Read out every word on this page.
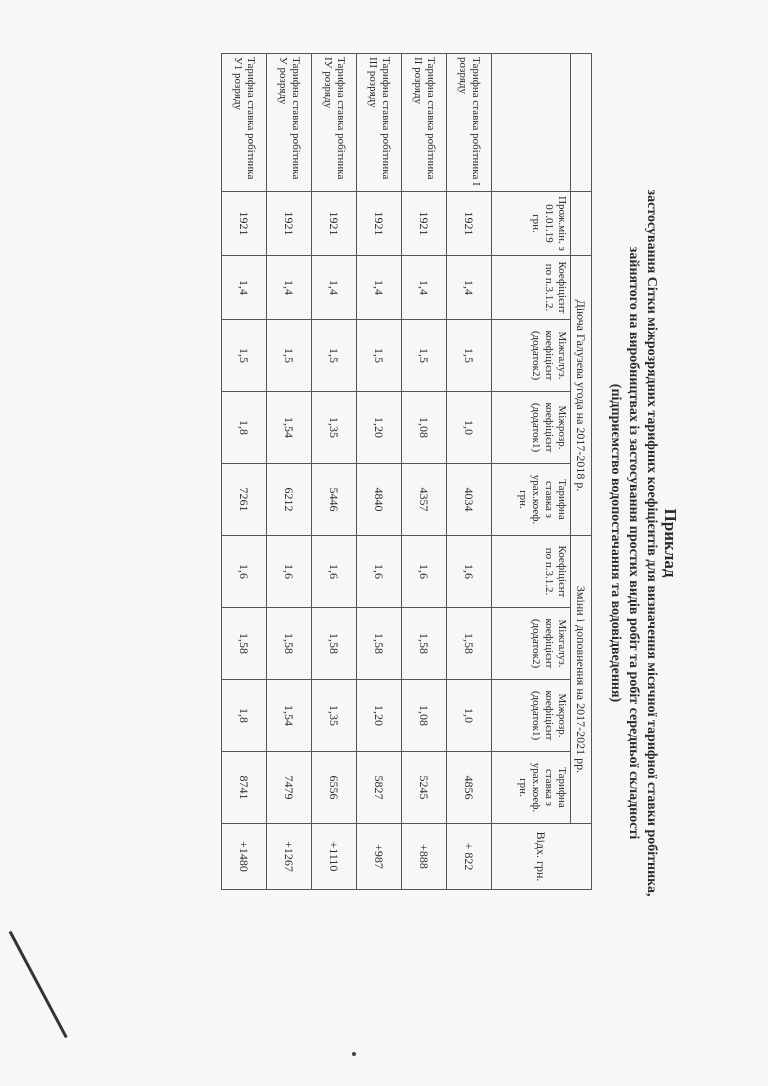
Приклад
застосування Сітки міжрозрядних тарифних коефіцієнтів для визначення місячної тарифної ставки робітника,
зайнятого на виробництвах із застосування простих видів робіт та робіт середньої складності
(підприємство водопостачання та водовідведення)
		Діюча Галузева угода на 2017-2018 р.				Зміни і доповнення на 2017-2021 рр.				Відх. грн.
	Прож.мін. з 01.01.19 грн.	Коефіцієнт по п.3.1.2.	Міжгалуз. коефіцієнт (додаток2)	Міжрозр. коефіцієнт (додаток1)	Тарифна ставка з урах.коеф. грн.	Коефіцієнт по п.3.1.2.	Міжгалуз. коефіцієнт (додаток2)	Міжрозр. коефіцієнт (додаток1)	Тарифна ставка з урах.коеф. грн.	
Тарифна ставка робітника І розряду	1921	1,4	1,5	1,0	4034	1,6	1,58	1,0	4856	+ 822
Тарифна ставка робітника ІІ розряду	1921	1,4	1,5	1,08	4357	1,6	1,58	1,08	5245	+888
Тарифна ставка робітника ІІІ розряду	1921	1,4	1,5	1,20	4840	1,6	1,58	1,20	5827	+987
Тарифна ставка робітника ІУ розряду	1921	1,4	1,5	1,35	5446	1,6	1,58	1,35	6556	+1110
Тарифна ставка робітника У розряду	1921	1,4	1,5	1,54	6212	1,6	1,58	1,54	7479	+1267
Тарифна ставка робітника У1 розряду	1921	1,4	1,5	1,8	7261	1,6	1,58	1,8	8741	+1480
